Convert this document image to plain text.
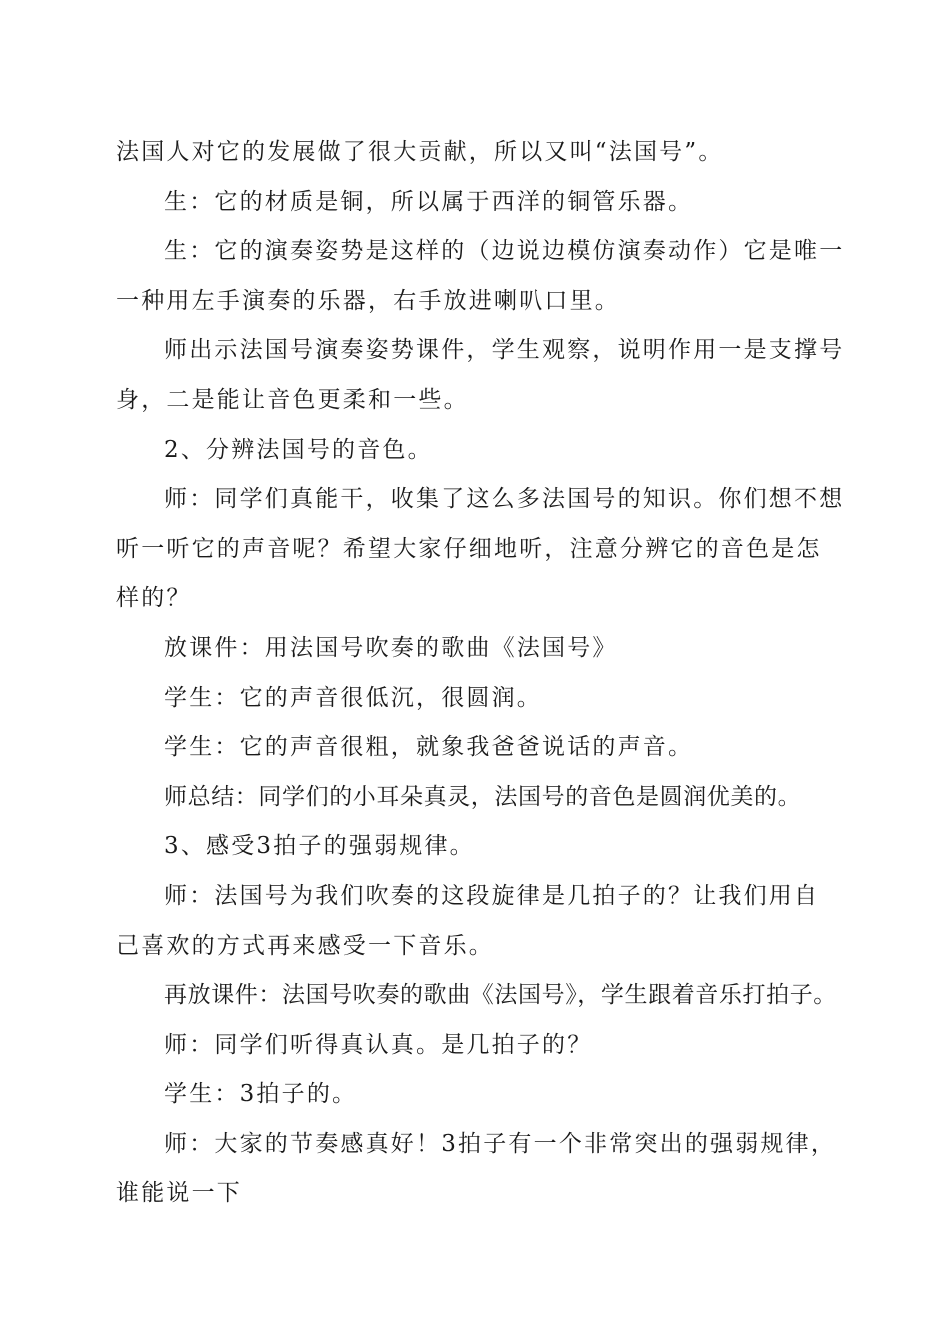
法国人对它的发展做了很大贡献，所以又叫“法国号”。
生：它的材质是铜，所以属于西洋的铜管乐器。
生：它的演奏姿势是这样的（边说边模仿演奏动作）它是唯一
一种用左手演奏的乐器，右手放进喇叭口里。
师出示法国号演奏姿势课件，学生观察，说明作用一是支撑号
身，二是能让音色更柔和一些。
2、分辨法国号的音色。
师：同学们真能干，收集了这么多法国号的知识。你们想不想
听一听它的声音呢？希望大家仔细地听，注意分辨它的音色是怎
样的？
放课件：用法国号吹奏的歌曲《法国号》
学生：它的声音很低沉，很圆润。
学生：它的声音很粗，就象我爸爸说话的声音。
师总结：同学们的小耳朵真灵，法国号的音色是圆润优美的。
3、感受3拍子的强弱规律。
师：法国号为我们吹奏的这段旋律是几拍子的？让我们用自
己喜欢的方式再来感受一下音乐。
再放课件：法国号吹奏的歌曲《法国号》，学生跟着音乐打拍子。
师：同学们听得真认真。是几拍子的？
学生：3拍子的。
师：大家的节奏感真好！3拍子有一个非常突出的强弱规律，
谁能说一下
